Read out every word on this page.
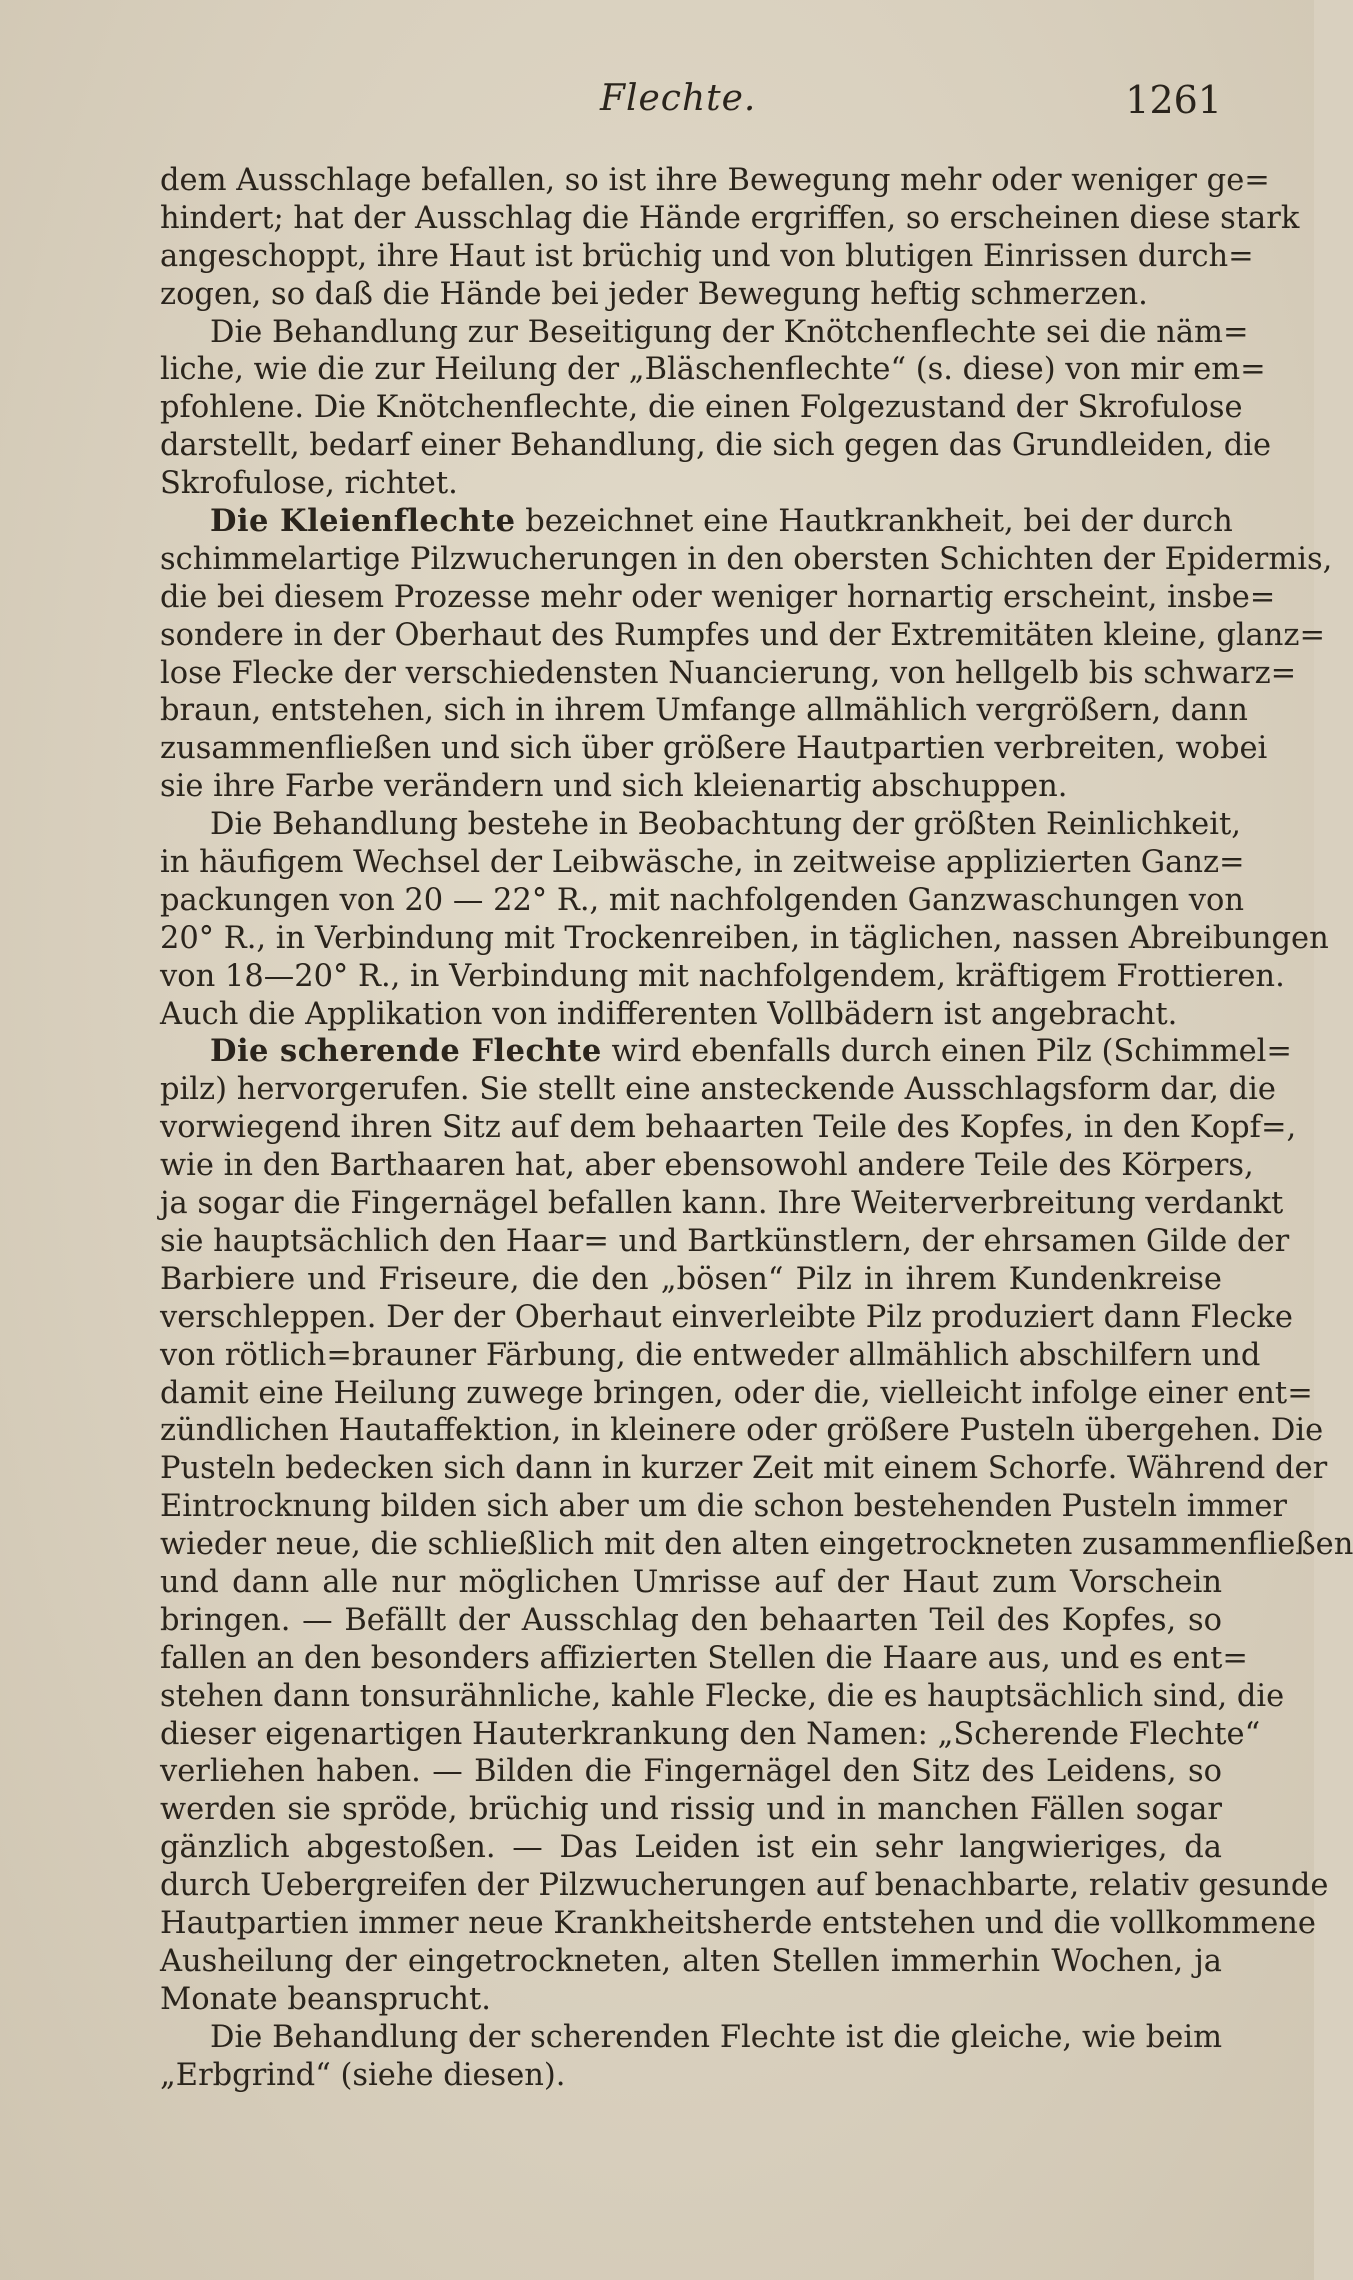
Flechte.	1261
dem Ausschlage befallen, so ist ihre Bewegung mehr oder weniger ge=
hindert; hat der Ausschlag die Hände ergriffen, so erscheinen diese stark
angeschoppt, ihre Haut ist brüchig und von blutigen Einrissen durch=
zogen, so daß die Hände bei jeder Bewegung heftig schmerzen.
Die Behandlung zur Beseitigung der Knötchenflechte sei die näm=
liche, wie die zur Heilung der „Bläschenflechte“ (s. diese) von mir em=
pfohlene. Die Knötchenflechte, die einen Folgezustand der Skrofulose
darstellt, bedarf einer Behandlung, die sich gegen das Grundleiden, die
Skrofulose, richtet.
Die Kleienflechte bezeichnet eine Hautkrankheit, bei der durch
schimmelartige Pilzwucherungen in den obersten Schichten der Epidermis,
die bei diesem Prozesse mehr oder weniger hornartig erscheint, insbe=
sondere in der Oberhaut des Rumpfes und der Extremitäten kleine, glanz=
lose Flecke der verschiedensten Nuancierung, von hellgelb bis schwarz=
braun, entstehen, sich in ihrem Umfange allmählich vergrößern, dann
zusammenfließen und sich über größere Hautpartien verbreiten, wobei
sie ihre Farbe verändern und sich kleienartig abschuppen.
Die Behandlung bestehe in Beobachtung der größten Reinlichkeit,
in häufigem Wechsel der Leibwäsche, in zeitweise applizierten Ganz=
packungen von 20 — 22° R., mit nachfolgenden Ganzwaschungen von
20° R., in Verbindung mit Trockenreiben, in täglichen, nassen Abreibungen
von 18—20° R., in Verbindung mit nachfolgendem, kräftigem Frottieren.
Auch die Applikation von indifferenten Vollbädern ist angebracht.
Die scherende Flechte wird ebenfalls durch einen Pilz (Schimmel=
pilz) hervorgerufen. Sie stellt eine ansteckende Ausschlagsform dar, die
vorwiegend ihren Sitz auf dem behaarten Teile des Kopfes, in den Kopf=,
wie in den Barthaaren hat, aber ebensowohl andere Teile des Körpers,
ja sogar die Fingernägel befallen kann. Ihre Weiterverbreitung verdankt
sie hauptsächlich den Haar= und Bartkünstlern, der ehrsamen Gilde der
Barbiere und Friseure, die den „bösen“ Pilz in ihrem Kundenkreise
verschleppen. Der der Oberhaut einverleibte Pilz produziert dann Flecke
von rötlich=brauner Färbung, die entweder allmählich abschilfern und
damit eine Heilung zuwege bringen, oder die, vielleicht infolge einer ent=
zündlichen Hautaffektion, in kleinere oder größere Pusteln übergehen. Die
Pusteln bedecken sich dann in kurzer Zeit mit einem Schorfe. Während der
Eintrocknung bilden sich aber um die schon bestehenden Pusteln immer
wieder neue, die schließlich mit den alten eingetrockneten zusammenfließen
und dann alle nur möglichen Umrisse auf der Haut zum Vorschein
bringen. — Befällt der Ausschlag den behaarten Teil des Kopfes, so
fallen an den besonders affizierten Stellen die Haare aus, und es ent=
stehen dann tonsurähnliche, kahle Flecke, die es hauptsächlich sind, die
dieser eigenartigen Hauterkrankung den Namen: „Scherende Flechte“
verliehen haben. — Bilden die Fingernägel den Sitz des Leidens, so
werden sie spröde, brüchig und rissig und in manchen Fällen sogar
gänzlich abgestoßen. — Das Leiden ist ein sehr langwieriges, da
durch Uebergreifen der Pilzwucherungen auf benachbarte, relativ gesunde
Hautpartien immer neue Krankheitsherde entstehen und die vollkommene
Ausheilung der eingetrockneten, alten Stellen immerhin Wochen, ja
Monate beansprucht.
Die Behandlung der scherenden Flechte ist die gleiche, wie beim
„Erbgrind“ (siehe diesen).
